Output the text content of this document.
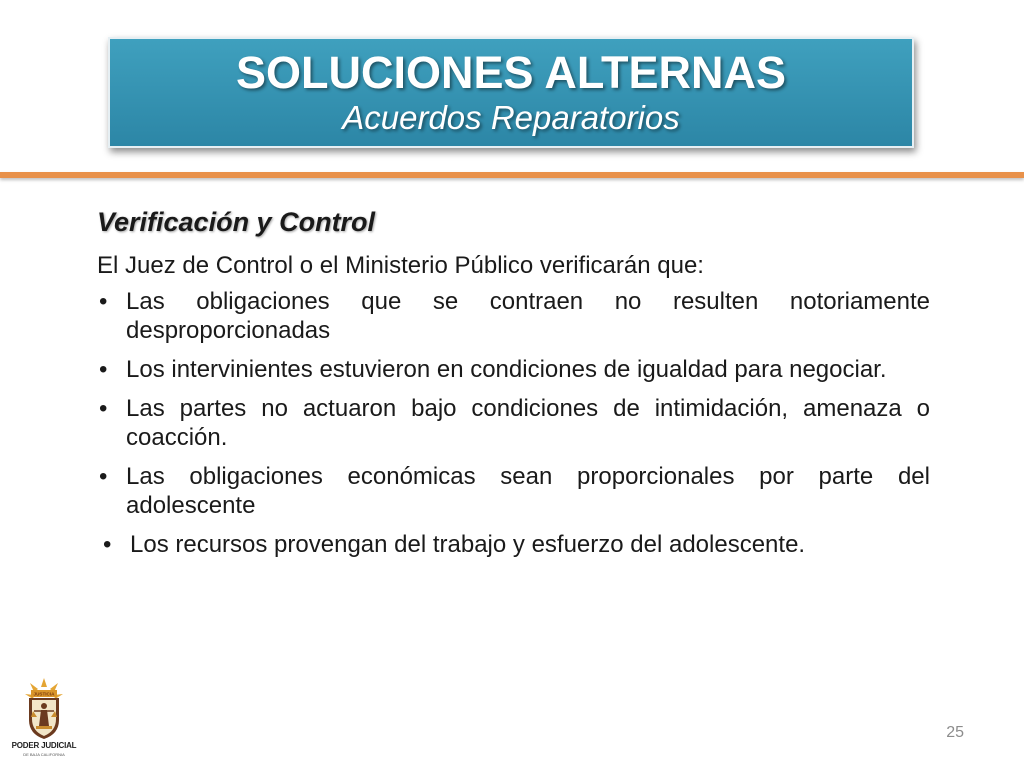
SOLUCIONES ALTERNAS
Acuerdos Reparatorios
Verificación y Control
El Juez de Control o el Ministerio Público verificarán que:
• Las obligaciones que se contraen no resulten notoriamente desproporcionadas
• Los intervinientes estuvieron en condiciones de igualdad para negociar.
• Las partes no actuaron bajo condiciones de intimidación, amenaza o coacción.
• Las obligaciones económicas sean proporcionales por parte del adolescente
• Los recursos provengan del trabajo y esfuerzo del adolescente.
JUSTICIA
PODER JUDICIAL
DE BAJA CALIFORNIA
25
